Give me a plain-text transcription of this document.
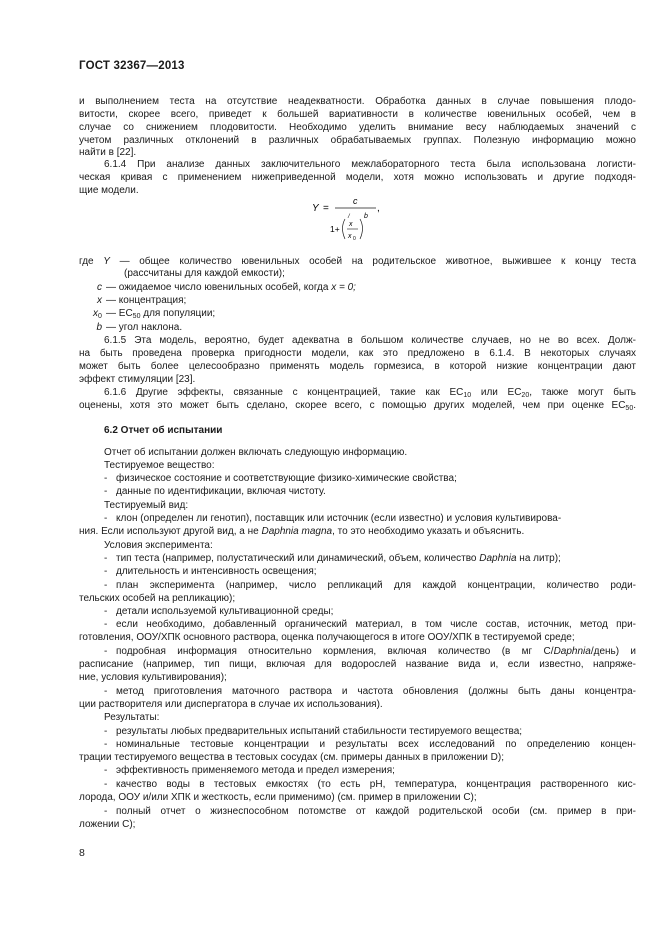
ГОСТ 32367—2013
и выполнением теста на отсутствие неадекватности. Обработка данных в случае повышения плодо-
витости, скорее всего, приведет к большей вариативности в количестве ювенильных особей, чем в
случае со снижением плодовитости. Необходимо уделить внимание весу наблюдаемых значений с
учетом различных отклонений в различных обрабатываемых группах. Полезную информацию можно
найти в [22].
6.1.4 При анализе данных заключительного межлабораторного теста была использована логисти-
ческая кривая с применением нижеприведенной модели, хотя можно использовать и другие подходя-
щие модели.
Y =
c
,
1+ x
x 0
b
/
где Y — общее количество ювенильных особей на родительское животное, выжившее к концу теста
(рассчитаны для каждой емкости);
c — ожидаемое число ювенильных особей, когда x = 0;
x — концентрация;
$x_0$ — $EC_{50}$ для популяции;
b — угол наклона.
6.1.5 Эта модель, вероятно, будет адекватна в большом количестве случаев, но не во всех. Долж-
на быть проведена проверка пригодности модели, как это предложено в 6.1.4. В некоторых случаях
может быть более целесообразно применять модель гормезиса, в которой низкие концентрации дают
эффект стимуляции [23].
6.1.6 Другие эффекты, связанные с концентрацией, такие как $EC_{10}$ или $EC_{20}$, также могут быть
оценены, хотя это может быть сделано, скорее всего, с помощью других моделей, чем при оценке $EC_{50}$.
6.2 Отчет об испытании
Отчет об испытании должен включать следующую информацию.
Тестируемое вещество:
- физическое состояние и соответствующие физико-химические свойства;
- данные по идентификации, включая чистоту.
Тестируемый вид:
- клон (определен ли генотип), поставщик или источник (если известно) и условия культивирова-
ния. Если используют другой вид, а не Daphnia magna, то это необходимо указать и объяснить.
Условия эксперимента:
- тип теста (например, полустатический или динамический, объем, количество Daphnia на литр);
- длительность и интенсивность освещения;
- план эксперимента (например, число репликаций для каждой концентрации, количество роди-
тельских особей на репликацию);
- детали используемой культивационной среды;
- если необходимо, добавленный органический материал, в том числе состав, источник, метод при-
готовления, ООУ/ХПК основного раствора, оценка получающегося в итоге ООУ/ХПК в тестируемой среде;
- подробная информация относительно кормления, включая количество (в мг C/Daphnia/день) и
расписание (например, тип пищи, включая для водорослей название вида и, если известно, напряже-
ние, условия культивирования);
- метод приготовления маточного раствора и частота обновления (должны быть даны концентра-
ции растворителя или диспергатора в случае их использования).
Результаты:
- результаты любых предварительных испытаний стабильности тестируемого вещества;
- номинальные тестовые концентрации и результаты всех исследований по определению концен-
трации тестируемого вещества в тестовых сосудах (см. примеры данных в приложении D);
- эффективность применяемого метода и предел измерения;
- качество воды в тестовых емкостях (то есть pH, температура, концентрация растворенного кис-
лорода, ООУ и/или ХПК и жесткость, если применимо) (см. пример в приложении C);
- полный отчет о жизнеспособном потомстве от каждой родительской особи (см. пример в при-
ложении C);
8
